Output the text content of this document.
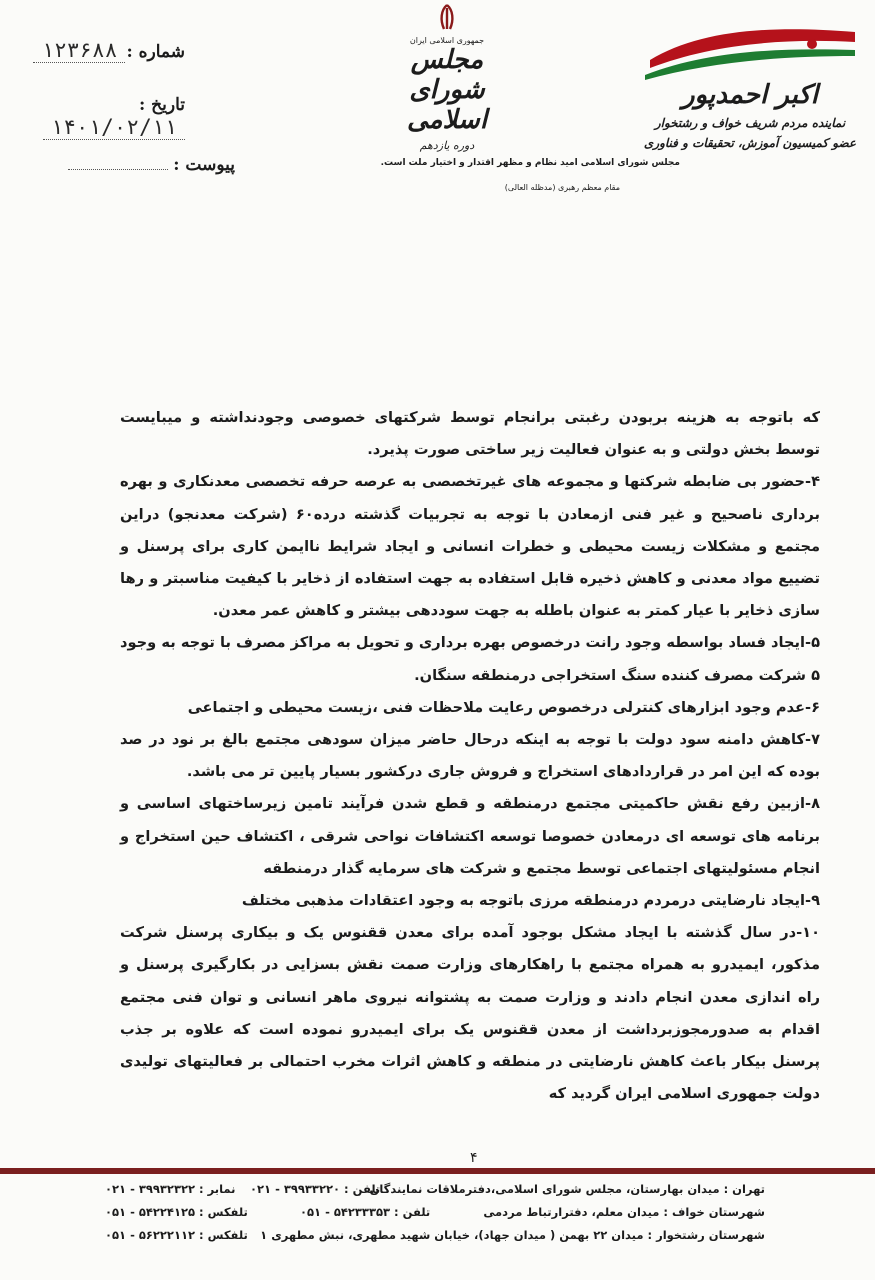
اکبر احمدپور
نماینده مردم شریف خواف و رشتخوار
عضو کمیسیون آموزش، تحقیقات و فناوری
جمهوری اسلامی ایران
مجلس شورای اسلامی
دوره یازدهم
شماره : ۱۲۳۶۸۸
تاریخ : ۱۴۰۱/۰۲/۱۱
پیوست :	مجلس شورای اسلامی امید نظام و مظهر اقتدار و اختیار ملت است.
مقام معظم رهبری (مدظله العالی)

که باتوجه به هزینه بربودن رغبتی برانجام توسط شرکتهای خصوصی وجودنداشته و میبایست توسط بخش دولتی و به عنوان فعالیت زیر ساختی صورت پذیرد.

۴-حضور بی ضابطه شرکتها و مجموعه های غیرتخصصی به عرصه حرفه تخصصی معدنکاری و بهره برداری ناصحیح و غیر فنی ازمعادن با توجه به تجربیات گذشته درده۶۰ (شرکت معدنجو) دراین مجتمع و مشکلات زیست محیطی و خطرات انسانی و ایجاد شرایط ناایمن کاری برای پرسنل و تضییع مواد معدنی و کاهش ذخیره قابل استفاده به جهت استفاده از ذخایر با کیفیت مناسبتر و رها سازی ذخایر با عیار کمتر به عنوان باطله به جهت سوددهی بیشتر و کاهش عمر معدن.

۵-ایجاد فساد بواسطه وجود رانت درخصوص بهره برداری و تحویل به مراکز مصرف با توجه به وجود ۵ شرکت مصرف کننده سنگ استخراجی درمنطقه سنگان.

۶-عدم وجود ابزارهای کنترلی درخصوص رعایت ملاحظات فنی ،زیست محیطی و اجتماعی

۷-کاهش دامنه سود دولت با توجه به اینکه درحال حاضر میزان سودهی مجتمع بالغ بر نود در صد بوده که این امر در قراردادهای استخراج و فروش جاری درکشور بسیار پایین تر می باشد.

۸-ازبین رفع نقش حاکمیتی مجتمع درمنطقه و قطع شدن فرآیند تامین زیرساختهای اساسی و برنامه های توسعه ای درمعادن خصوصا توسعه اکتشافات نواحی شرقی ، اکتشاف حین استخراج و انجام مسئولیتهای اجتماعی توسط مجتمع و شرکت های سرمایه گذار درمنطقه

۹-ایجاد نارضایتی درمردم درمنطقه مرزی باتوجه به وجود اعتقادات مذهبی مختلف

۱۰-در سال گذشته با ایجاد مشکل بوجود آمده برای معدن ققنوس یک و بیکاری پرسنل شرکت مذکور، ایمیدرو به همراه مجتمع با راهکارهای وزارت صمت نقش بسزایی در بکارگیری پرسنل و راه اندازی معدن انجام دادند و وزارت صمت به پشتوانه نیروی ماهر انسانی و توان فنی مجتمع اقدام به صدورمجوزبرداشت از معدن ققنوس یک برای ایمیدرو نموده است که علاوه بر جذب پرسنل بیکار باعث کاهش نارضایتی در منطقه و کاهش اثرات مخرب احتمالی بر فعالیتهای تولیدی دولت جمهوری اسلامی ایران گردید که

۴
تهران : میدان بهارستان، مجلس شورای اسلامی،دفترملاقات نمایندگان
تلفن : ۳۹۹۳۳۲۲۰ - ۰۲۱
نمابر : ۳۹۹۳۲۳۲۲ - ۰۲۱
شهرستان خواف : میدان معلم، دفترارتباط مردمی
تلفن : ۵۴۲۳۳۳۵۳ - ۰۵۱
تلفکس : ۵۴۲۲۴۱۲۵ - ۰۵۱
شهرستان رشتخوار : میدان ۲۲ بهمن ( میدان جهاد)، خیابان شهید مطهری، نبش مطهری ۱
تلفکس : ۵۶۲۲۲۱۱۲ - ۰۵۱
